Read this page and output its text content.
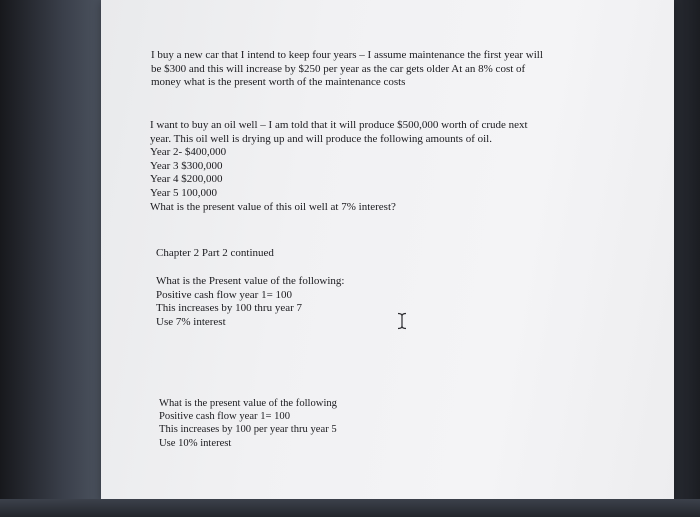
I buy a new car that I intend to keep four years – I assume maintenance the first year will
be $300 and this will increase by $250 per year as the car gets older At an 8% cost of
money what is the present worth of the maintenance costs

I want to buy an oil well – I am told that it will produce $500,000 worth of crude next
year. This oil well is drying up and will produce the following amounts of oil.
Year 2- $400,000
Year 3 $300,000
Year 4 $200,000
Year 5 100,000
What is the present value of this oil well at 7% interest?

Chapter 2 Part 2 continued

What is the Present value of the following:
Positive cash flow year 1= 100
This increases by 100 thru year 7
Use 7% interest

What is the present value of the following
Positive cash flow year 1= 100
This increases by 100 per year thru year 5
Use 10% interest
